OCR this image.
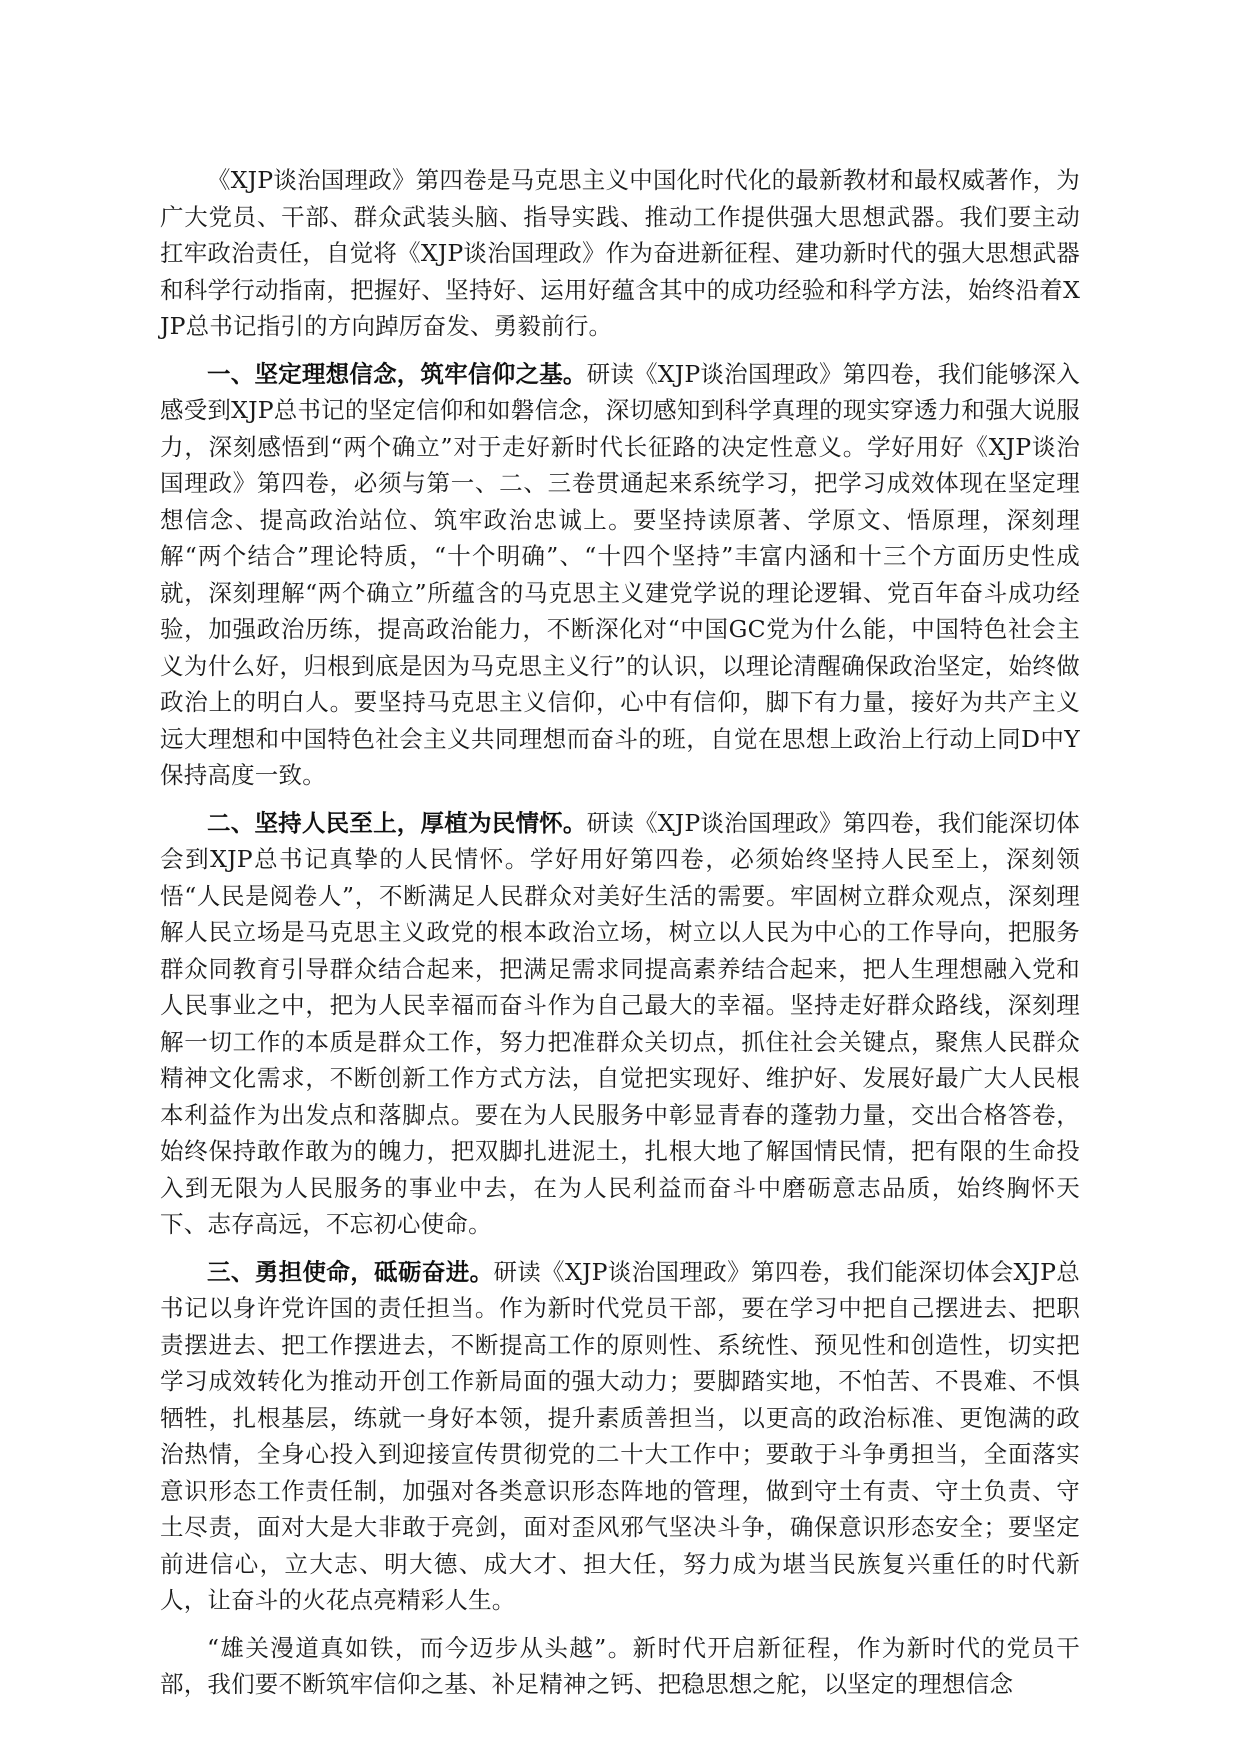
《XJP谈治国理政》第四卷是马克思主义中国化时代化的最新教材和最权威著作，为广大党员、干部、群众武装头脑、指导实践、推动工作提供强大思想武器。我们要主动扛牢政治责任，自觉将《XJP谈治国理政》作为奋进新征程、建功新时代的强大思想武器和科学行动指南，把握好、坚持好、运用好蕴含其中的成功经验和科学方法，始终沿着XJP总书记指引的方向踔厉奋发、勇毅前行。

一、坚定理想信念，筑牢信仰之基。研读《XJP谈治国理政》第四卷，我们能够深入感受到XJP总书记的坚定信仰和如磐信念，深切感知到科学真理的现实穿透力和强大说服力，深刻感悟到“两个确立”对于走好新时代长征路的决定性意义。学好用好《XJP谈治国理政》第四卷，必须与第一、二、三卷贯通起来系统学习，把学习成效体现在坚定理想信念、提高政治站位、筑牢政治忠诚上。要坚持读原著、学原文、悟原理，深刻理解“两个结合”理论特质，“十个明确”、“十四个坚持”丰富内涵和十三个方面历史性成就，深刻理解“两个确立”所蕴含的马克思主义建党学说的理论逻辑、党百年奋斗成功经验，加强政治历练，提高政治能力，不断深化对“中国GC党为什么能，中国特色社会主义为什么好，归根到底是因为马克思主义行”的认识，以理论清醒确保政治坚定，始终做政治上的明白人。要坚持马克思主义信仰，心中有信仰，脚下有力量，接好为共产主义远大理想和中国特色社会主义共同理想而奋斗的班，自觉在思想上政治上行动上同D中Y保持高度一致。

二、坚持人民至上，厚植为民情怀。研读《XJP谈治国理政》第四卷，我们能深切体会到XJP总书记真挚的人民情怀。学好用好第四卷，必须始终坚持人民至上，深刻领悟“人民是阅卷人”，不断满足人民群众对美好生活的需要。牢固树立群众观点，深刻理解人民立场是马克思主义政党的根本政治立场，树立以人民为中心的工作导向，把服务群众同教育引导群众结合起来，把满足需求同提高素养结合起来，把人生理想融入党和人民事业之中，把为人民幸福而奋斗作为自己最大的幸福。坚持走好群众路线，深刻理解一切工作的本质是群众工作，努力把准群众关切点，抓住社会关键点，聚焦人民群众精神文化需求，不断创新工作方式方法，自觉把实现好、维护好、发展好最广大人民根本利益作为出发点和落脚点。要在为人民服务中彰显青春的蓬勃力量，交出合格答卷，始终保持敢作敢为的魄力，把双脚扎进泥土，扎根大地了解国情民情，把有限的生命投入到无限为人民服务的事业中去，在为人民利益而奋斗中磨砺意志品质，始终胸怀天下、志存高远，不忘初心使命。

三、勇担使命，砥砺奋进。研读《XJP谈治国理政》第四卷，我们能深切体会XJP总书记以身许党许国的责任担当。作为新时代党员干部，要在学习中把自己摆进去、把职责摆进去、把工作摆进去，不断提高工作的原则性、系统性、预见性和创造性，切实把学习成效转化为推动开创工作新局面的强大动力；要脚踏实地，不怕苦、不畏难、不惧牺牲，扎根基层，练就一身好本领，提升素质善担当，以更高的政治标准、更饱满的政治热情，全身心投入到迎接宣传贯彻党的二十大工作中；要敢于斗争勇担当，全面落实意识形态工作责任制，加强对各类意识形态阵地的管理，做到守土有责、守土负责、守土尽责，面对大是大非敢于亮剑，面对歪风邪气坚决斗争，确保意识形态安全；要坚定前进信心，立大志、明大德、成大才、担大任，努力成为堪当民族复兴重任的时代新人，让奋斗的火花点亮精彩人生。

“雄关漫道真如铁，而今迈步从头越”。新时代开启新征程，作为新时代的党员干部，我们要不断筑牢信仰之基、补足精神之钙、把稳思想之舵，以坚定的理想信念
